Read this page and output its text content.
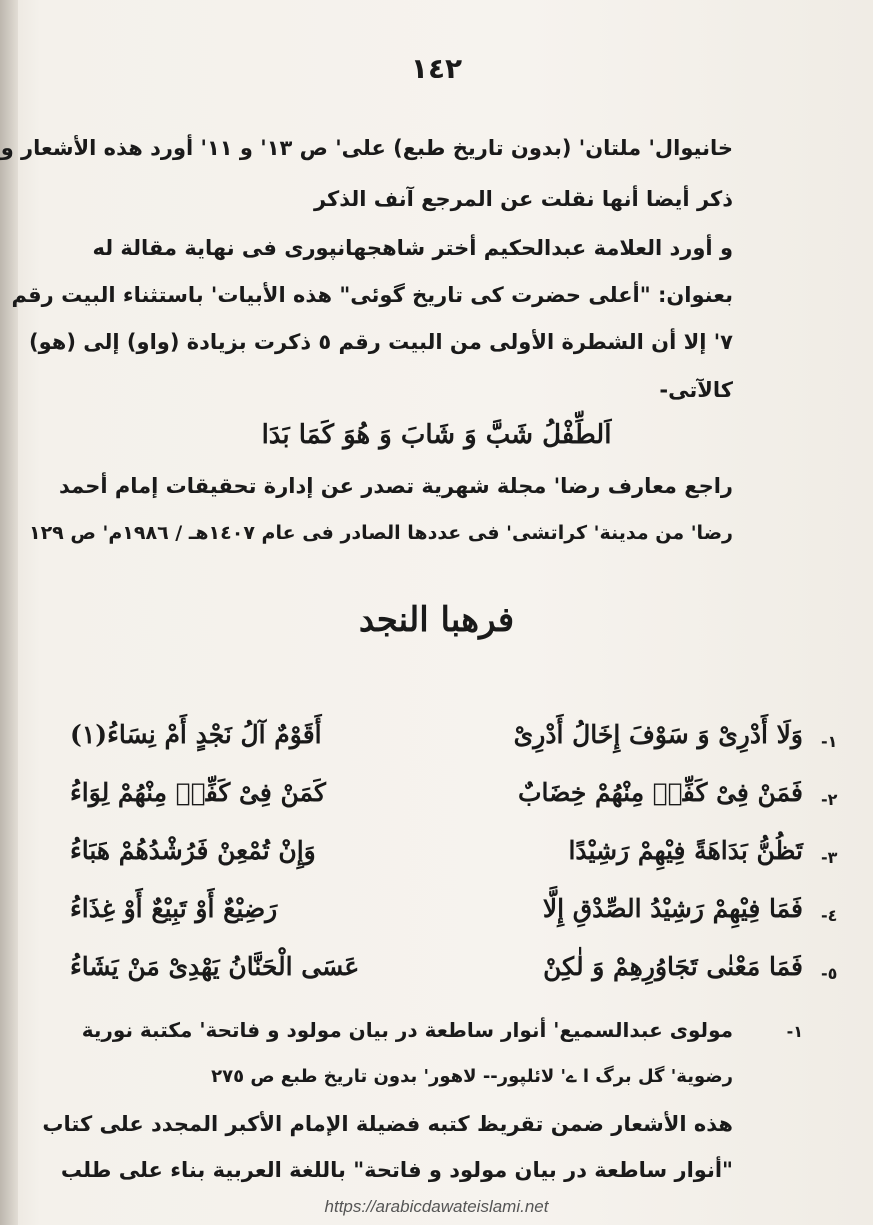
١٤٢

خانیوال' ملتان' (بدون تاریخ طبع) علی' ص ١٣' و ١١' أورد هذه الأشعار و

ذکر أیضا أنها نقلت عن المرجع آنف الذکر

و أورد العلامة عبدالحکیم أختر شاهجهانپوری فی نهایة مقالة له

بعنوان: "أعلی حضرت کی تاریخ گوئی" هذه الأبیات' باستثناء البیت رقم

٧' إلا أن الشطرة الأولی من البیت رقم ٥ ذکرت بزیادة (واو) إلی (هو)

کالآتی-

اَلطِّفْلُ شَبَّ وَ شَابَ وَ هُوَ کَمَا بَدَا

راجع معارف رضا' مجلة شهریة تصدر عن إدارة تحقیقات إمام أحمد

رضا' من مدینة' کراتشی' فی عددها الصادر فی عام ١٤٠٧هـ / ١٩٨٦م' ص ١٢٩

فرهبا النجد
١-
وَلَا أَدْرِیْ وَ سَوْفَ إِخَالُ أَدْرِیْ
أَقَوْمٌ آلُ نَجْدٍ أَمْ نِسَاءُ(١)
٢-
فَمَنْ فِیْ کَفِّهٖ مِنْهُمْ خِضَابٌ
کَمَنْ فِیْ کَفِّهٖ مِنْهُمْ لِوَاءُ
٣-
تَظُنُّ بَدَاهَةً فِیْهِمْ رَشِیْدًا
وَإِنْ تُمْعِنْ فَرُشْدُهُمْ هَبَاءُ
٤-
فَمَا فِیْهِمْ رَشِیْدُ الصِّدْقِ إِلَّا
رَضِیْعٌ أَوْ تَبِیْعٌ أَوْ غِذَاءُ
٥-
فَمَا مَعْنٰی تَجَاوُرِهِمْ وَ لٰکِنْ
عَسَی الْحَنَّانُ یَهْدِیْ مَنْ یَشَاءُ
١-
مولوی عبدالسمیع' أنوار ساطعة در بیان مولود و فاتحة' مکتبة نوریة
رضویة' گل برگ ا ے' لائلپور-- لاهور' بدون تاریخ طبع ص ٢٧٥

هذه الأشعار ضمن تقریظ کتبه فضیلة الإمام الأکبر المجدد علی کتاب

"أنوار ساطعة در بیان مولود و فاتحة" باللغة العربیة بناء علی طلب

https://arabicdawateislami.net
